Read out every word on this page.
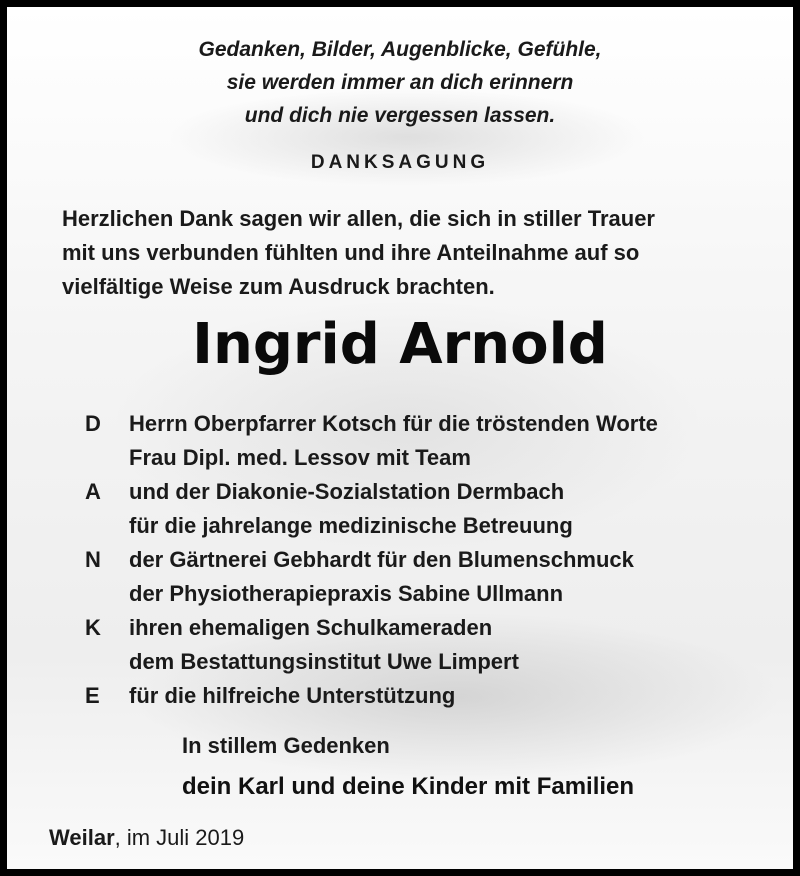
Gedanken, Bilder, Augenblicke, Gefühle,
sie werden immer an dich erinnern
und dich nie vergessen lassen.
DANKSAGUNG
Herzlichen Dank sagen wir allen, die sich in stiller Trauer
mit uns verbunden fühlten und ihre Anteilnahme auf so
vielfältige Weise zum Ausdruck brachten.
Ingrid Arnold
D	Herrn Oberpfarrer Kotsch für die tröstenden Worte
Frau Dipl. med. Lessov mit Team
A	und der Diakonie-Sozialstation Dermbach
für die jahrelange medizinische Betreuung
N	der Gärtnerei Gebhardt für den Blumenschmuck
der Physiotherapiepraxis Sabine Ullmann
K	ihren ehemaligen Schulkameraden
dem Bestattungsinstitut Uwe Limpert
E	für die hilfreiche Unterstützung
In stillem Gedenken
dein Karl und deine Kinder mit Familien
Weilar, im Juli 2019
